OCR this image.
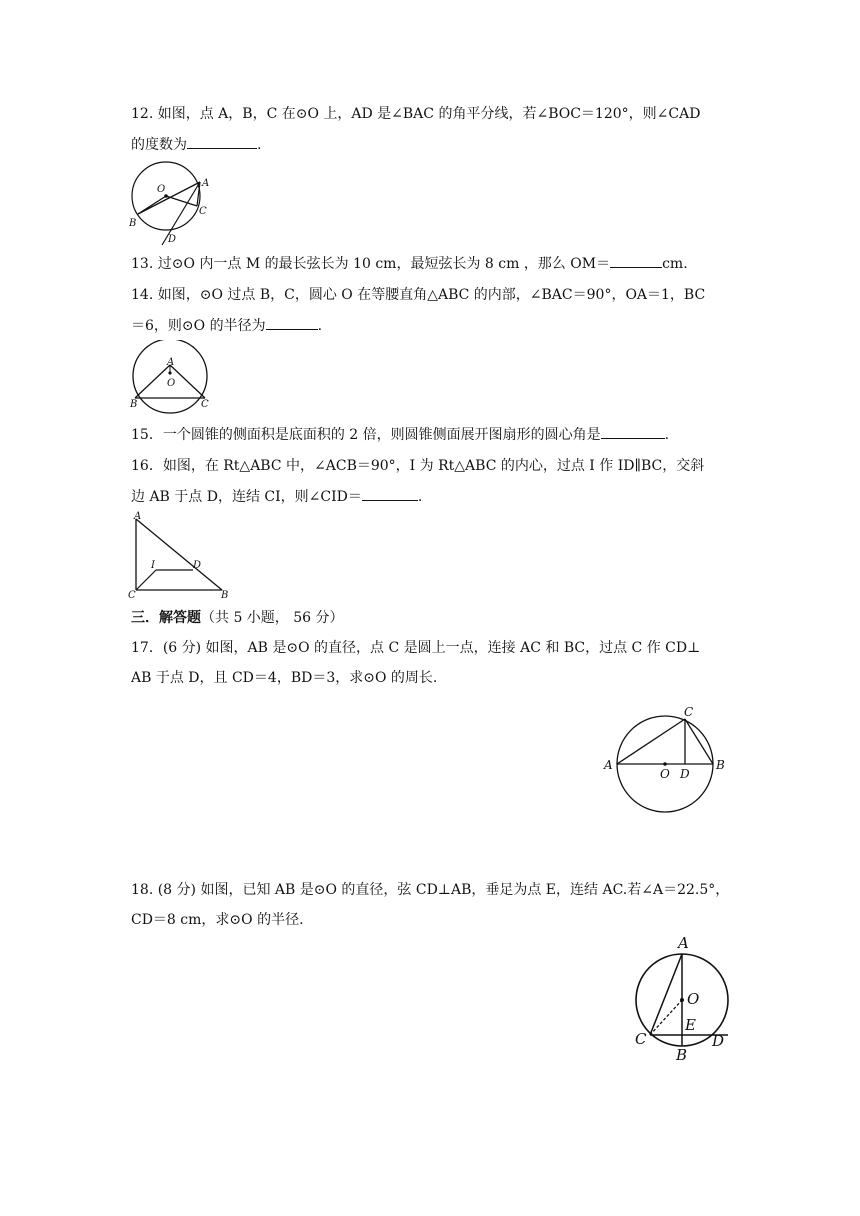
12. 如图，点 A，B，C 在⊙O 上，AD 是∠BAC 的角平分线，若∠BOC＝120°，则∠CAD
的度数为	.
O
A
B
C
D
13. 过⊙O 内一点 M 的最长弦长为 10 cm，最短弦长为 8 cm ，那么 OM＝	cm.
14. 如图，⊙O 过点 B，C，圆心 O 在等腰直角△ABC 的内部，∠BAC＝90°，OA＝1，BC
＝6，则⊙O 的半径为	.
A
O
B	C
15．一个圆锥的侧面积是底面积的 2 倍，则圆锥侧面展开图扇形的圆心角是	.
16．如图，在 Rt△ABC 中，∠ACB＝90°，I 为 Rt△ABC 的内心，过点 I 作 ID∥BC，交斜
边 AB 于点 D，连结 CI，则∠CID＝	.
A
I	D
C	B
三．解答题（共 5 小题， 56 分）
17．(6 分) 如图，AB 是⊙O 的直径，点 C 是圆上一点，连接 AC 和 BC，过点 C 作 CD⊥
AB 于点 D，且 CD＝4，BD＝3，求⊙O 的周长.
C
A	B
O D
18. (8 分) 如图，已知 AB 是⊙O 的直径，弦 CD⊥AB，垂足为点 E，连结 AC.若∠A＝22.5°，
CD＝8 cm，求⊙O 的半径.
A
O
E
C	D
B
